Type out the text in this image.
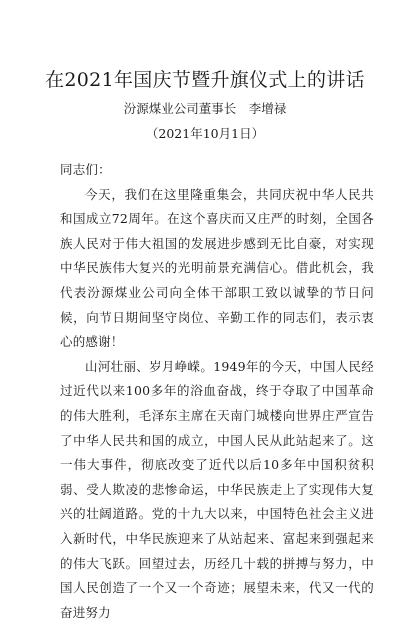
在2021年国庆节暨升旗仪式上的讲话
汾源煤业公司董事长　李增禄
（2021年10月1日）

同志们：

今天，我们在这里隆重集会，共同庆祝中华人民共和国成立72周年。在这个喜庆而又庄严的时刻，全国各族人民对于伟大祖国的发展进步感到无比自豪，对实现中华民族伟大复兴的光明前景充满信心。借此机会，我代表汾源煤业公司向全体干部职工致以诚挚的节日问候，向节日期间坚守岗位、辛勤工作的同志们，表示衷心的感谢！

山河壮丽、岁月峥嵘。1949年的今天，中国人民经过近代以来100多年的浴血奋战，终于夺取了中国革命的伟大胜利，毛泽东主席在天南门城楼向世界庄严宣告了中华人民共和国的成立，中国人民从此站起来了。这一伟大事件，彻底改变了近代以后10多年中国积贫积弱、受人欺凌的悲惨命运，中华民族走上了实现伟大复兴的壮阔道路。党的十九大以来，中国特色社会主义进入新时代，中华民族迎来了从站起来、富起来到强起来的伟大飞跃。回望过去，历经几十载的拼搏与努力，中国人民创造了一个又一个奇迹；展望未来，代又一代的奋进努力
